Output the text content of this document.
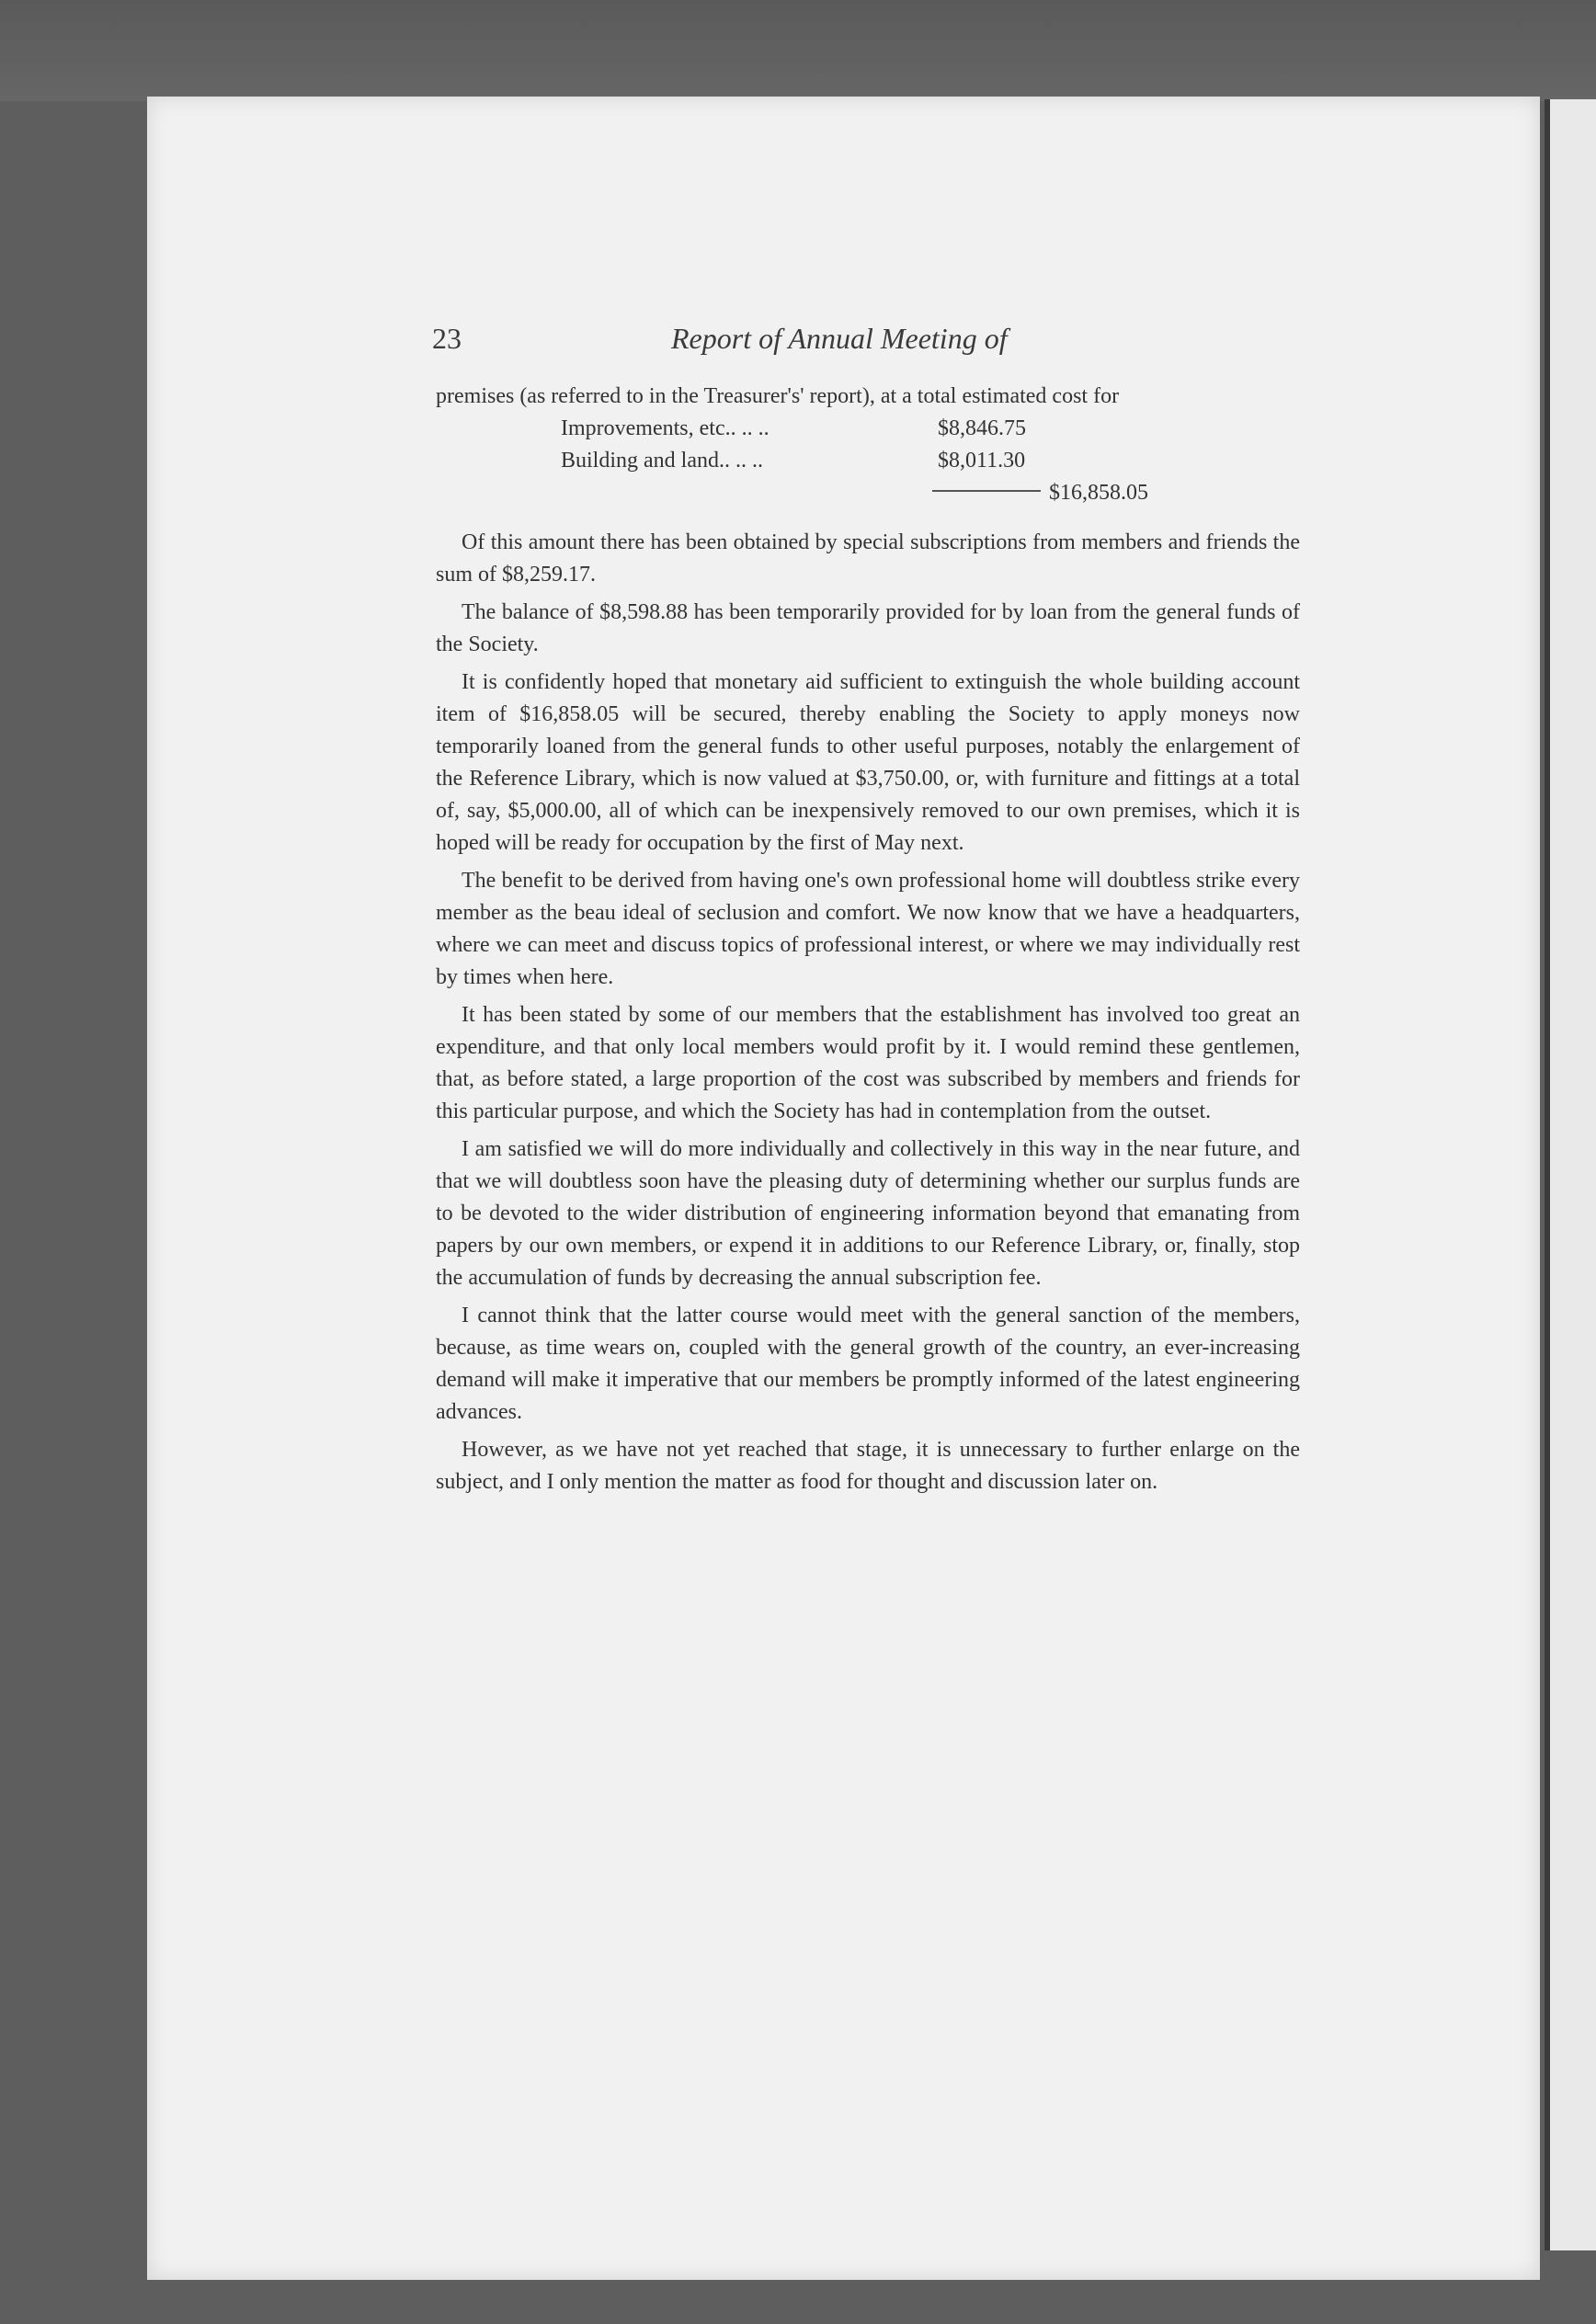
23	Report of Annual Meeting of

premises (as referred to in the Treasurer's' report), at a total estimated cost for

Improvements, etc.. .. ..	$8,846.75
Building and land.. .. ..	$8,011.30
$16,858.05

Of this amount there has been obtained by special subscriptions from members and friends the sum of $8,259.17.

The balance of $8,598.88 has been temporarily provided for by loan from the general funds of the Society.

It is confidently hoped that monetary aid sufficient to extinguish the whole building account item of $16,858.05 will be secured, thereby enabling the Society to apply moneys now temporarily loaned from the general funds to other useful purposes, notably the enlargement of the Reference Library, which is now valued at $3,750.00, or, with furniture and fittings at a total of, say, $5,000.00, all of which can be inexpensively removed to our own premises, which it is hoped will be ready for occupation by the first of May next.

The benefit to be derived from having one's own professional home will doubtless strike every member as the beau ideal of seclusion and comfort. We now know that we have a headquarters, where we can meet and discuss topics of professional interest, or where we may individually rest by times when here.

It has been stated by some of our members that the establishment has involved too great an expenditure, and that only local members would profit by it. I would remind these gentlemen, that, as before stated, a large proportion of the cost was subscribed by members and friends for this particular purpose, and which the Society has had in contemplation from the outset.

I am satisfied we will do more individually and collectively in this way in the near future, and that we will doubtless soon have the pleasing duty of determining whether our surplus funds are to be devoted to the wider distribution of engineering information beyond that emanating from papers by our own members, or expend it in additions to our Reference Library, or, finally, stop the accumulation of funds by decreasing the annual subscription fee.

I cannot think that the latter course would meet with the general sanction of the members, because, as time wears on, coupled with the general growth of the country, an ever-increasing demand will make it imperative that our members be promptly informed of the latest engineering advances.

However, as we have not yet reached that stage, it is unnecessary to further enlarge on the subject, and I only mention the matter as food for thought and discussion later on.
